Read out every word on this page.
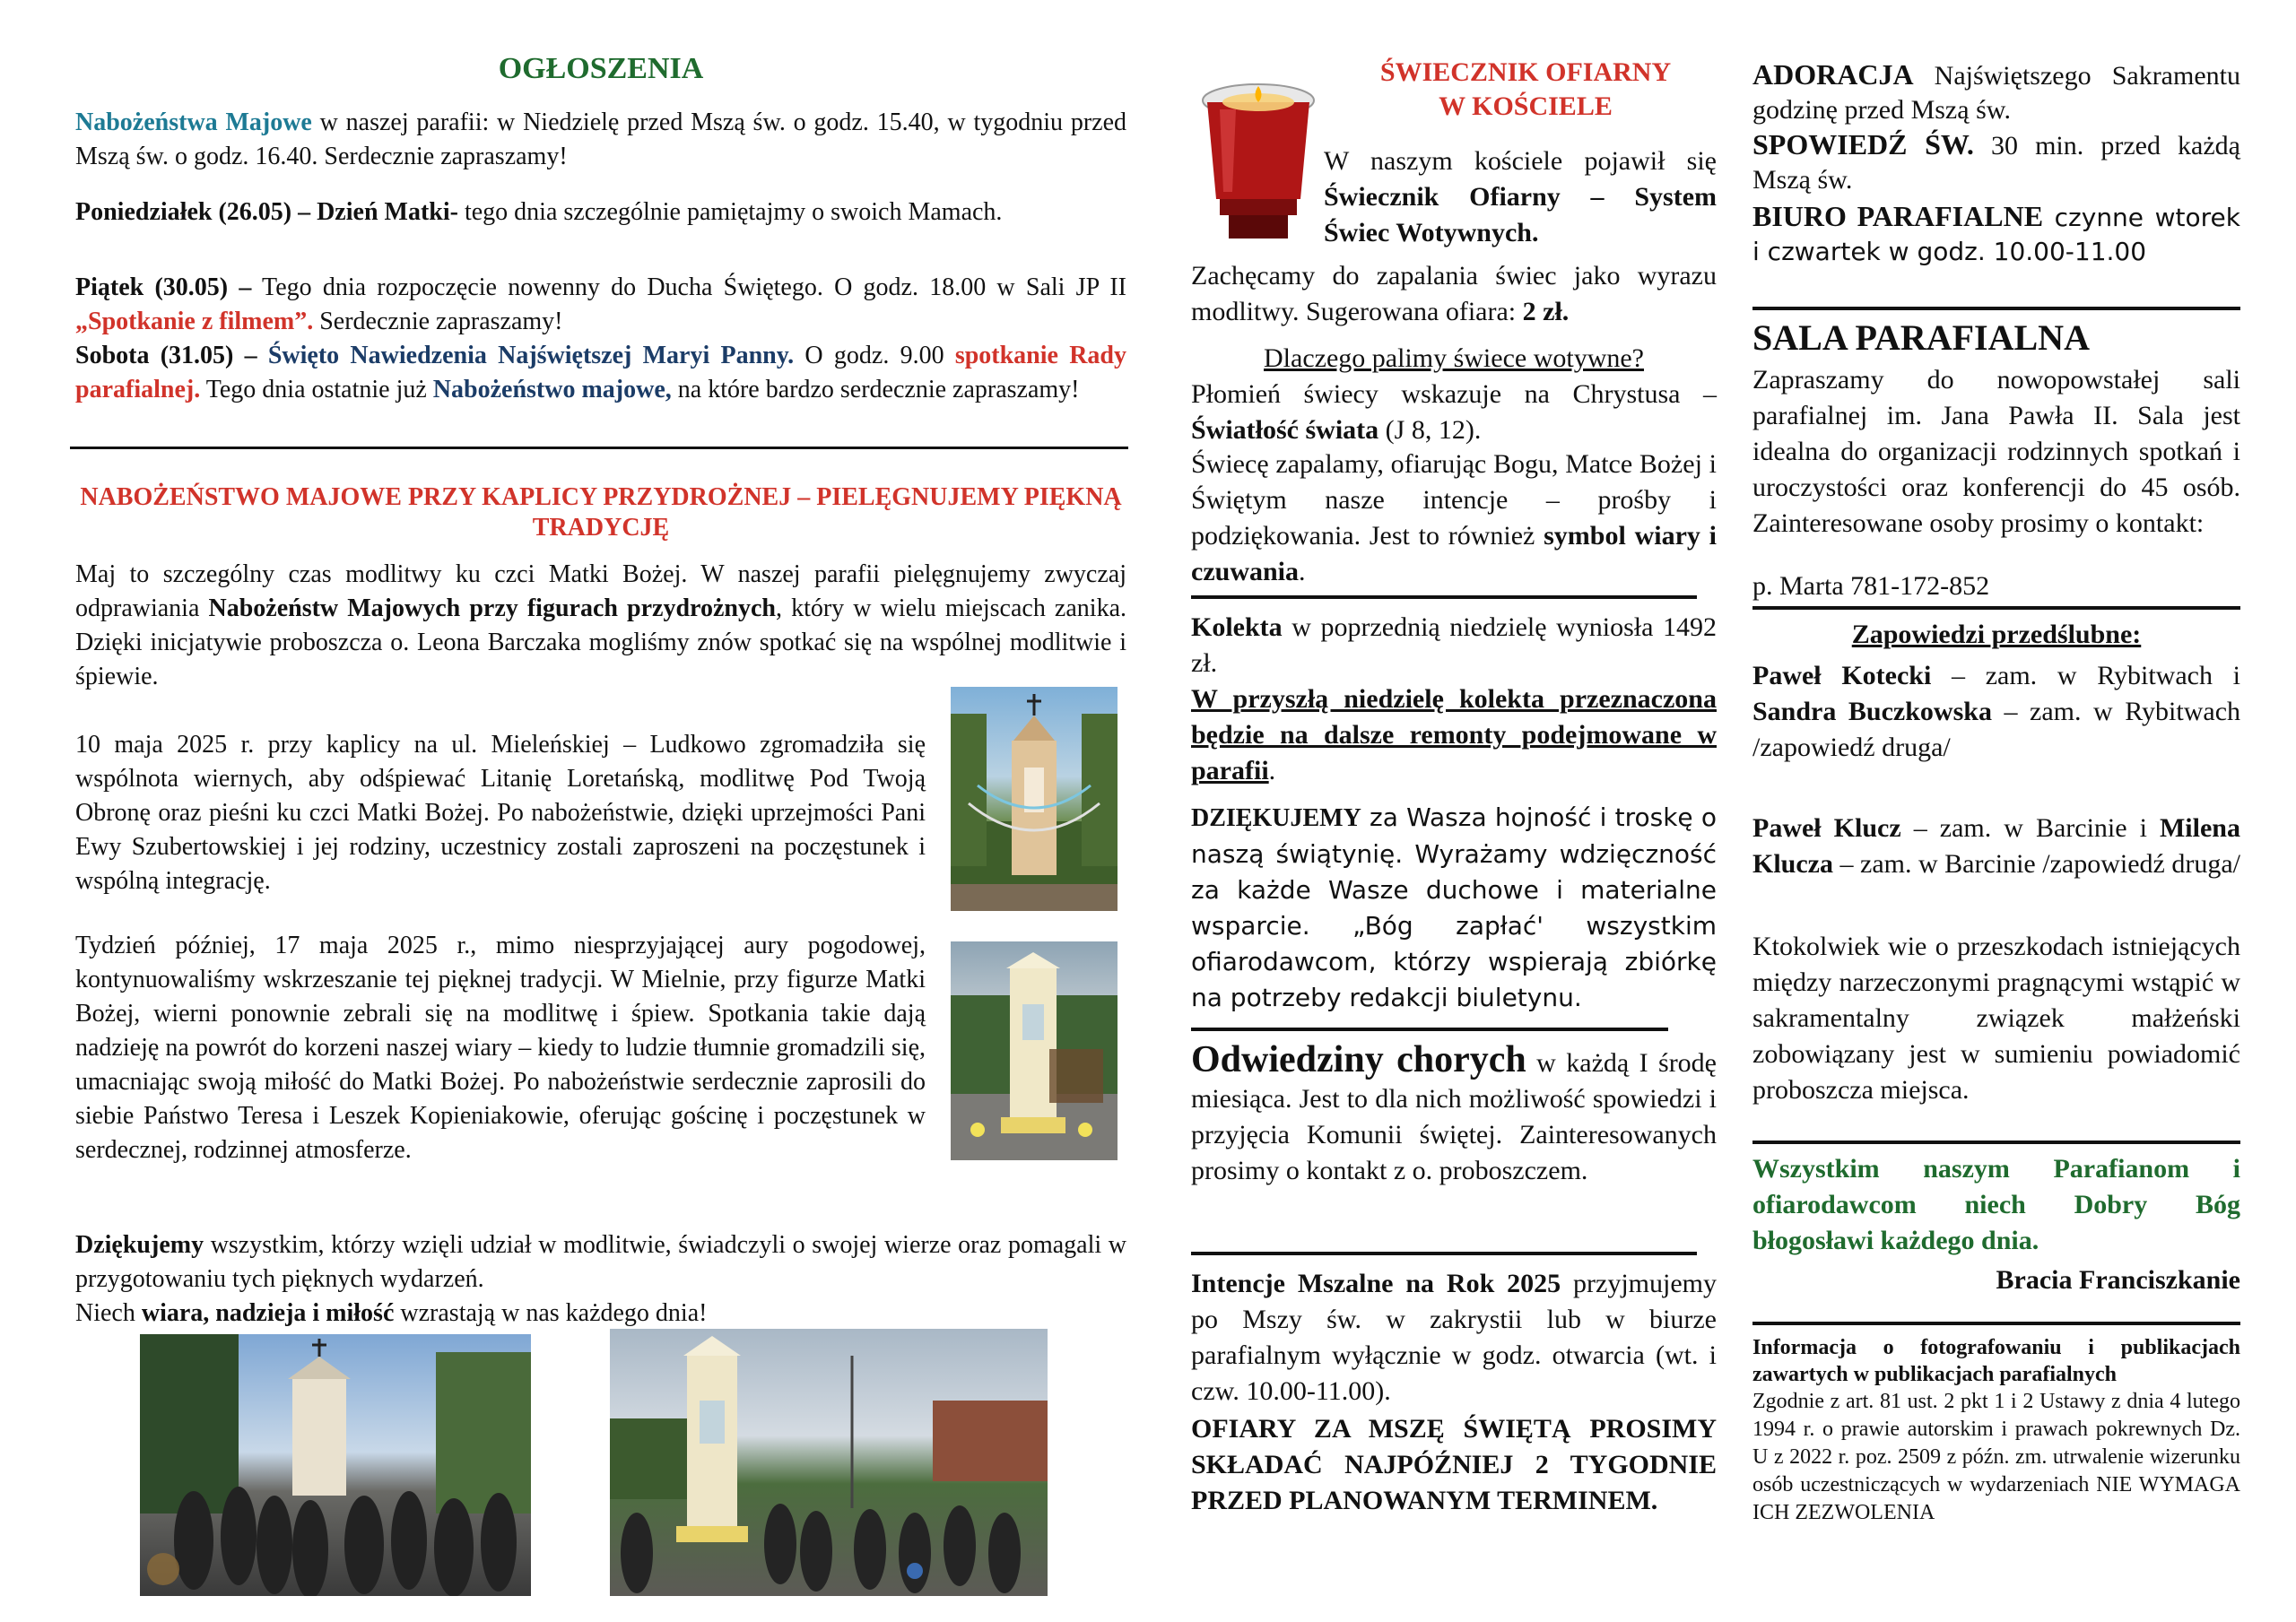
OGŁOSZENIA

Nabożeństwa Majowe w naszej parafii: w Niedzielę przed Mszą św. o godz. 15.40, w tygodniu przed Mszą św. o godz. 16.40. Serdecznie zapraszamy!

Poniedziałek (26.05) – Dzień Matki- tego dnia szczególnie pamiętajmy o swoich Mamach.

Piątek (30.05) – Tego dnia rozpoczęcie nowenny do Ducha Świętego. O godz. 18.00 w Sali JP II „Spotkanie z filmem”. Serdecznie zapraszamy!

Sobota (31.05) – Święto Nawiedzenia Najświętszej Maryi Panny. O godz. 9.00 spotkanie Rady parafialnej. Tego dnia ostatnie już Nabożeństwo majowe, na które bardzo serdecznie zapraszamy!

NABOŻEŃSTWO MAJOWE PRZY KAPLICY PRZYDROŻNEJ – PIELĘGNUJEMY PIĘKNĄ TRADYCJĘ

Maj to szczególny czas modlitwy ku czci Matki Bożej. W naszej parafii pielęgnujemy zwyczaj odprawiania Nabożeństw Majowych przy figurach przydrożnych, który w wielu miejscach zanika. Dzięki inicjatywie proboszcza o. Leona Barczaka mogliśmy znów spotkać się na wspólnej modlitwie i śpiewie.

10 maja 2025 r. przy kaplicy na ul. Mieleńskiej – Ludkowo zgromadziła się wspólnota wiernych, aby odśpiewać Litanię Loretańską, modlitwę Pod Twoją Obronę oraz pieśni ku czci Matki Bożej. Po nabożeństwie, dzięki uprzejmości Pani Ewy Szubertowskiej i jej rodziny, uczestnicy zostali zaproszeni na poczęstunek i wspólną integrację.

Tydzień później, 17 maja 2025 r., mimo niesprzyjającej aury pogodowej, kontynuowaliśmy wskrzeszanie tej pięknej tradycji. W Mielnie, przy figurze Matki Bożej, wierni ponownie zebrali się na modlitwę i śpiew. Spotkania takie dają nadzieję na powrót do korzeni naszej wiary – kiedy to ludzie tłumnie gromadzili się, umacniając swoją miłość do Matki Bożej. Po nabożeństwie serdecznie zaprosili do siebie Państwo Teresa i Leszek Kopieniakowie, oferując gościnę i poczęstunek w serdecznej, rodzinnej atmosferze.

Dziękujemy wszystkim, którzy wzięli udział w modlitwie, świadczyli o swojej wierze oraz pomagali w przygotowaniu tych pięknych wydarzeń.

Niech wiara, nadzieja i miłość wzrastają w nas każdego dnia!

ŚWIECZNIK OFIARNY
W KOŚCIELE

W naszym kościele pojawił się Świecznik Ofiarny – System Świec Wotywnych.

Zachęcamy do zapalania świec jako wyrazu modlitwy. Sugerowana ofiara: 2 zł.

Dlaczego palimy świece wotywne?

Płomień świecy wskazuje na Chrystusa – Światłość świata (J 8, 12).

Świecę zapalamy, ofiarując Bogu, Matce Bożej i Świętym nasze intencje – prośby i podziękowania. Jest to również symbol wiary i czuwania.

Kolekta w poprzednią niedzielę wyniosła 1492 zł.

W przyszłą niedzielę kolekta przeznaczona będzie na dalsze remonty podejmowane w parafii.

DZIĘKUJEMY za Wasza hojność i troskę o naszą świątynię. Wyrażamy wdzięczność za każde Wasze duchowe i materialne wsparcie. „Bóg zapłać' wszystkim ofiarodawcom, którzy wspierają zbiórkę na potrzeby redakcji biuletynu.

Odwiedziny chorych w każdą I środę miesiąca. Jest to dla nich możliwość spowiedzi i przyjęcia Komunii świętej. Zainteresowanych prosimy o kontakt z o. proboszczem.

Intencje Mszalne na Rok 2025 przyjmujemy po Mszy św. w zakrystii lub w biurze parafialnym wyłącznie w godz. otwarcia (wt. i czw. 10.00-11.00).

OFIARY ZA MSZĘ ŚWIĘTĄ PROSIMY SKŁADAĆ NAJPÓŹNIEJ 2 TYGODNIE PRZED PLANOWANYM TERMINEM.

ADORACJA Najświętszego Sakramentu godzinę przed Mszą św.

SPOWIEDŹ ŚW. 30 min. przed każdą Mszą św.

BIURO PARAFIALNE czynne wtorek i czwartek w godz. 10.00-11.00

SALA PARAFIALNA

Zapraszamy do nowopowstałej sali parafialnej im. Jana Pawła II. Sala jest idealna do organizacji rodzinnych spotkań i uroczystości oraz konferencji do 45 osób. Zainteresowane osoby prosimy o kontakt:

p. Marta 781-172-852

Zapowiedzi przedślubne:

Paweł Kotecki – zam. w Rybitwach i Sandra Buczkowska – zam. w Rybitwach /zapowiedź druga/

Paweł Klucz – zam. w Barcinie i Milena Klucza – zam. w Barcinie /zapowiedź druga/

Ktokolwiek wie o przeszkodach istniejących między narzeczonymi pragnącymi wstąpić w sakramentalny związek małżeński zobowiązany jest w sumieniu powiadomić proboszcza miejsca.

Wszystkim naszym Parafianom i ofiarodawcom niech Dobry Bóg błogosławi każdego dnia.

Bracia Franciszkanie

Informacja o fotografowaniu i publikacjach zawartych w publikacjach parafialnych

Zgodnie z art. 81 ust. 2 pkt 1 i 2 Ustawy z dnia 4 lutego 1994 r. o prawie autorskim i prawach pokrewnych Dz. U z 2022 r. poz. 2509 z późn. zm. utrwalenie wizerunku osób uczestniczących w wydarzeniach NIE WYMAGA ICH ZEZWOLENIA
